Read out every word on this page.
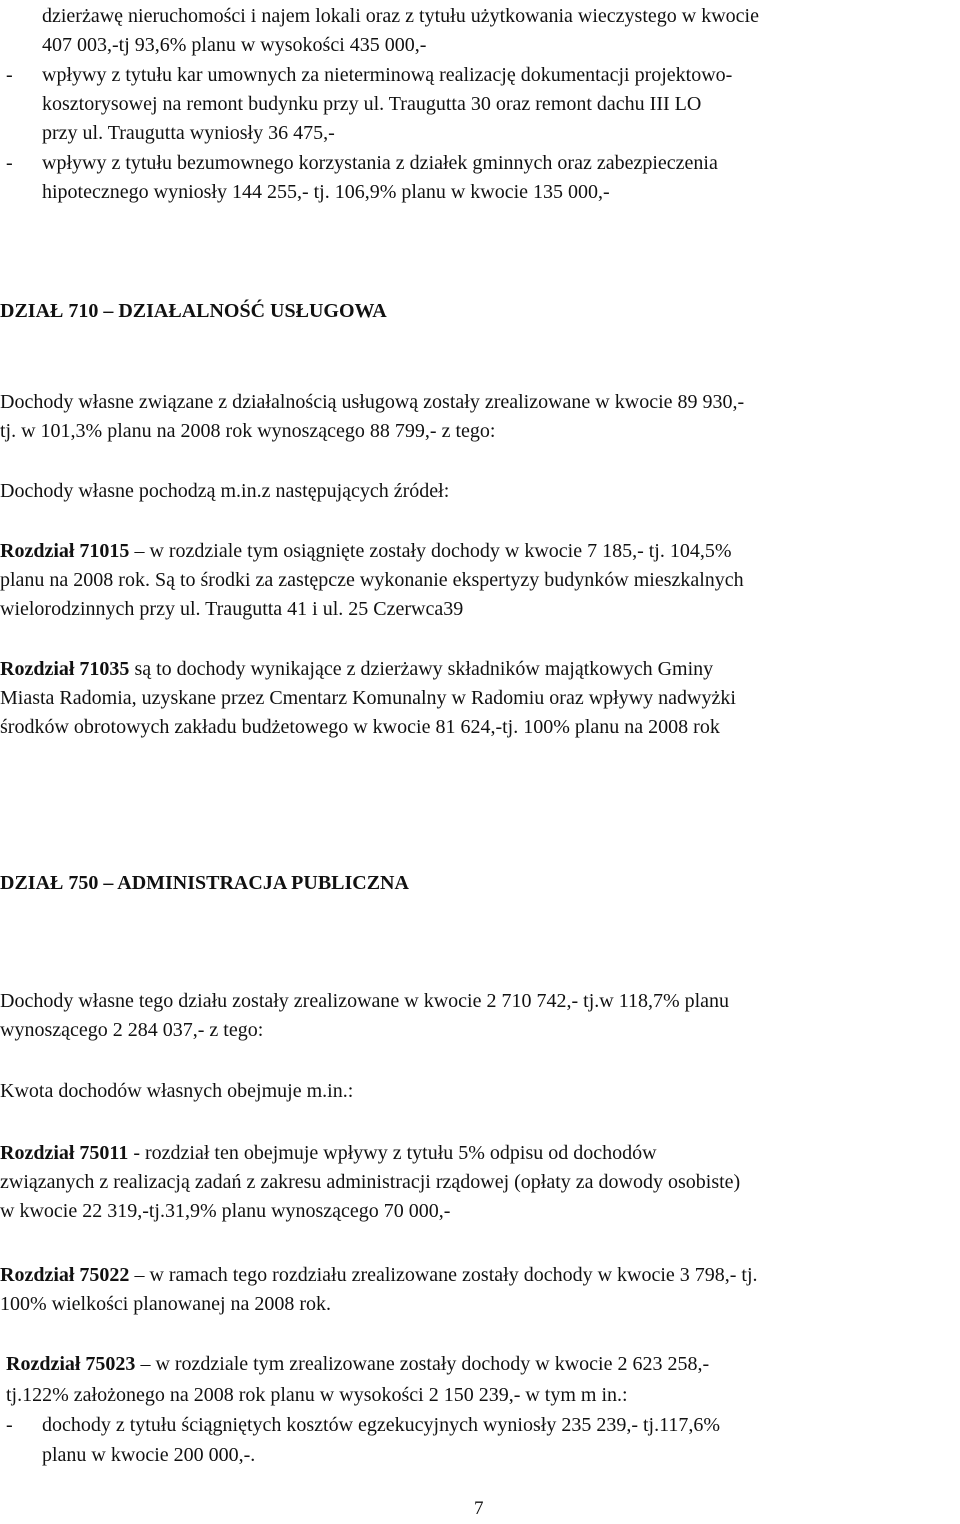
dzierżawę nieruchomości i najem lokali oraz z tytułu użytkowania wieczystego w kwocie
407 003,-tj 93,6% planu w wysokości 435 000,-
- wpływy z tytułu kar umownych za nieterminową realizację dokumentacji projektowo-
kosztorysowej na remont budynku przy ul. Traugutta 30 oraz remont dachu III LO
przy ul. Traugutta wyniosły 36 475,-
- wpływy z tytułu bezumownego korzystania z działek gminnych oraz zabezpieczenia
hipotecznego wyniosły 144 255,- tj. 106,9% planu w kwocie 135 000,-
DZIAŁ 710 – DZIAŁALNOŚĆ USŁUGOWA
Dochody własne związane z działalnością usługową zostały zrealizowane w kwocie 89 930,-
tj. w 101,3% planu na 2008 rok wynoszącego 88 799,- z tego:
Dochody własne pochodzą m.in.z następujących źródeł:
Rozdział 71015 – w rozdziale tym osiągnięte zostały dochody w kwocie 7 185,- tj. 104,5%
planu na 2008 rok. Są to środki za zastępcze wykonanie ekspertyzy budynków mieszkalnych
wielorodzinnych przy ul. Traugutta 41 i ul. 25 Czerwca39
Rozdział 71035 są to dochody wynikające z dzierżawy składników majątkowych Gminy
Miasta Radomia, uzyskane przez Cmentarz Komunalny w Radomiu oraz wpływy nadwyżki
środków obrotowych zakładu budżetowego w kwocie 81 624,-tj. 100% planu na 2008 rok
DZIAŁ 750 – ADMINISTRACJA PUBLICZNA
Dochody własne tego działu zostały zrealizowane w kwocie 2 710 742,- tj.w 118,7% planu
wynoszącego 2 284 037,- z tego:
Kwota dochodów własnych obejmuje m.in.:
Rozdział 75011 - rozdział ten obejmuje wpływy z tytułu 5% odpisu od dochodów
związanych z realizacją zadań z zakresu administracji rządowej (opłaty za dowody osobiste)
w kwocie 22 319,-tj.31,9% planu wynoszącego 70 000,-
Rozdział 75022 – w ramach tego rozdziału zrealizowane zostały dochody w kwocie 3 798,- tj.
100% wielkości planowanej na 2008 rok.
Rozdział 75023 – w rozdziale tym zrealizowane zostały dochody w kwocie 2 623 258,-
tj.122% założonego na 2008 rok planu w wysokości 2 150 239,- w tym m in.:
- dochody z tytułu ściągniętych kosztów egzekucyjnych wyniosły 235 239,- tj.117,6%
planu w kwocie 200 000,-.
7
